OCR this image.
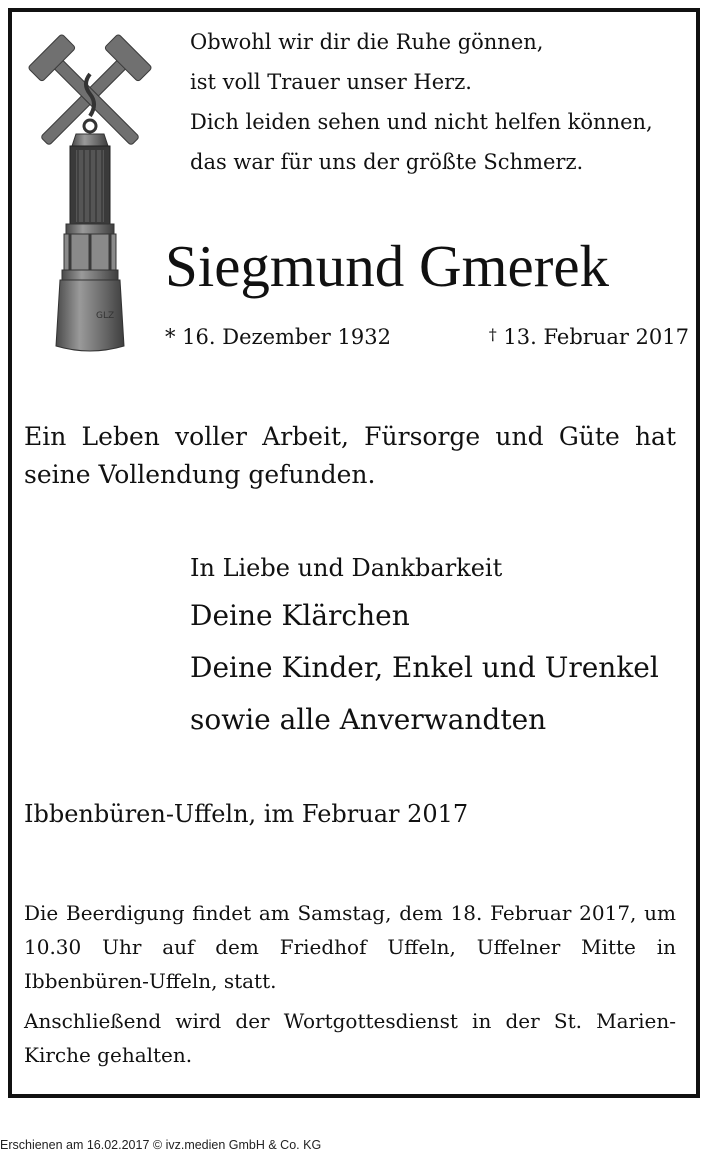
GLZ
Obwohl wir dir die Ruhe gönnen,
ist voll Trauer unser Herz.
Dich leiden sehen und nicht helfen können,
das war für uns der größte Schmerz.
Siegmund Gmerek
* 16. Dezember 1932	† 13. Februar 2017
Ein Leben voller Arbeit, Fürsorge und Güte hat seine Vollendung gefunden.
In Liebe und Dankbarkeit
Deine Klärchen
Deine Kinder, Enkel und Urenkel
sowie alle Anverwandten
Ibbenbüren-Uffeln, im Februar 2017

Die Beerdigung findet am Samstag, dem 18. Februar 2017, um 10.30 Uhr auf dem Friedhof Uffeln, Uffelner Mitte in Ibbenbüren-Uffeln, statt.

Anschließend wird der Wortgottesdienst in der St. Marien-Kirche gehalten.

Erschienen am 16.02.2017 © ivz.medien GmbH & Co. KG
